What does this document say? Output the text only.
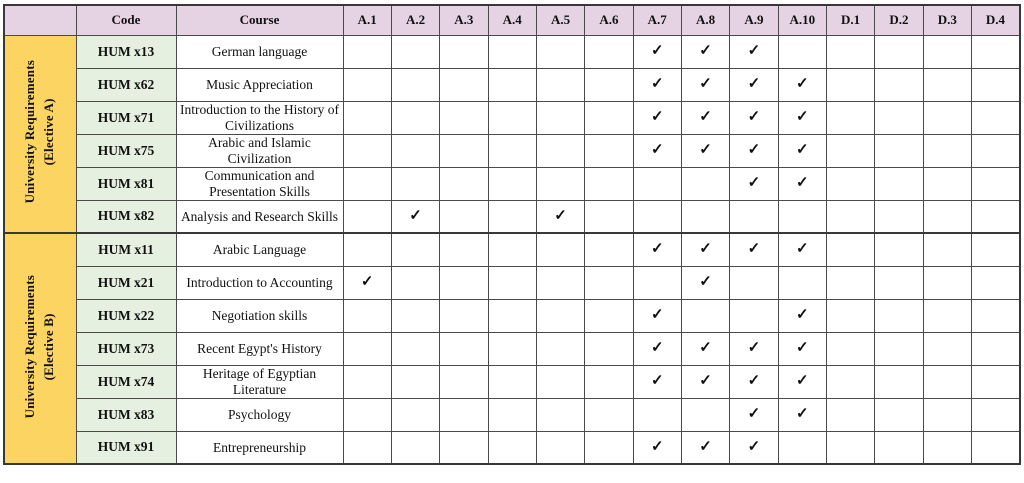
	Code	Course	A.1	A.2	A.3	A.4	A.5	A.6	A.7	A.8	A.9	A.10	D.1	D.2	D.3	D.4
University Requirements (Elective A)	HUM x13	German language							✓	✓	✓					
	HUM x62	Music Appreciation							✓	✓	✓	✓				
	HUM x71	Introduction to the History of Civilizations							✓	✓	✓	✓				
	HUM x75	Arabic and Islamic Civilization							✓	✓	✓	✓				
	HUM x81	Communication and Presentation Skills									✓	✓				
	HUM x82	Analysis and Research Skills		✓			✓									
University Requirements (Elective B)	HUM x11	Arabic Language							✓	✓	✓	✓				
	HUM x21	Introduction to Accounting	✓							✓						
	HUM x22	Negotiation skills							✓			✓				
	HUM x73	Recent Egypt's History							✓	✓	✓	✓				
	HUM x74	Heritage of Egyptian Literature							✓	✓	✓	✓				
	HUM x83	Psychology									✓	✓				
	HUM x91	Entrepreneurship							✓	✓	✓					
